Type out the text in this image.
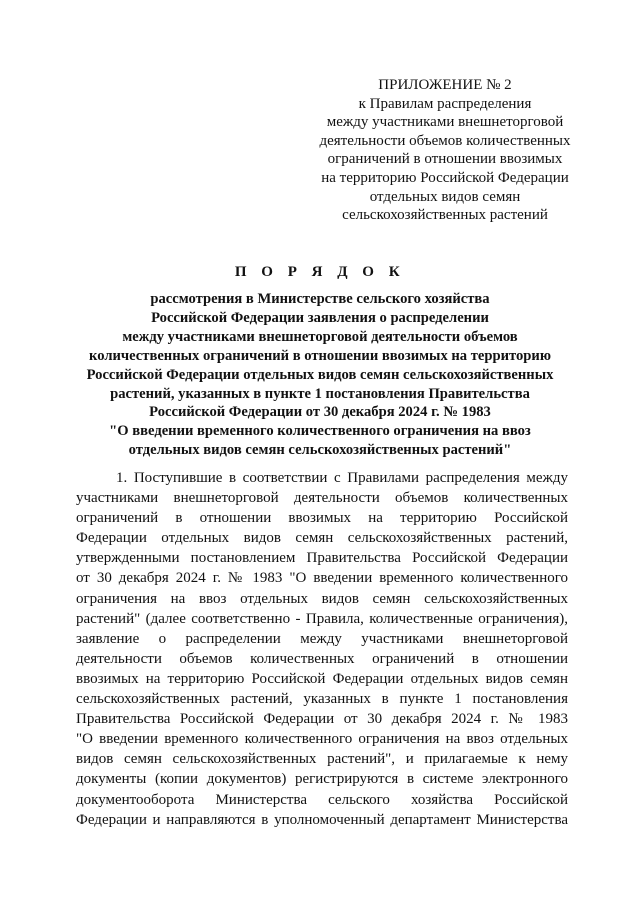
ПРИЛОЖЕНИЕ № 2
к Правилам распределения
между участниками внешнеторговой
деятельности объемов количественных
ограничений в отношении ввозимых
на территорию Российской Федерации
отдельных видов семян
сельскохозяйственных растений
П О Р Я Д О К
рассмотрения в Министерстве сельского хозяйства
Российской Федерации заявления о распределении
между участниками внешнеторговой деятельности объемов
количественных ограничений в отношении ввозимых на территорию
Российской Федерации отдельных видов семян сельскохозяйственных
растений, указанных в пункте 1 постановления Правительства
Российской Федерации от 30 декабря 2024 г. № 1983
"О введении временного количественного ограничения на ввоз
отдельных видов семян сельскохозяйственных растений"
1. Поступившие в соответствии с Правилами распределения между
участниками внешнеторговой деятельности объемов количественных
ограничений в отношении ввозимых на территорию Российской
Федерации отдельных видов семян сельскохозяйственных растений,
утвержденными постановлением Правительства Российской Федерации
от 30 декабря 2024 г. № 1983 "О введении временного количественного
ограничения на ввоз отдельных видов семян сельскохозяйственных
растений" (далее соответственно - Правила, количественные ограничения),
заявление о распределении между участниками внешнеторговой
деятельности объемов количественных ограничений в отношении
ввозимых на территорию Российской Федерации отдельных видов семян
сельскохозяйственных растений, указанных в пункте 1 постановления
Правительства Российской Федерации от 30 декабря 2024 г. № 1983
"О введении временного количественного ограничения на ввоз отдельных
видов семян сельскохозяйственных растений", и прилагаемые к нему
документы (копии документов) регистрируются в системе электронного
документооборота Министерства сельского хозяйства Российской
Федерации и направляются в уполномоченный департамент Министерства
